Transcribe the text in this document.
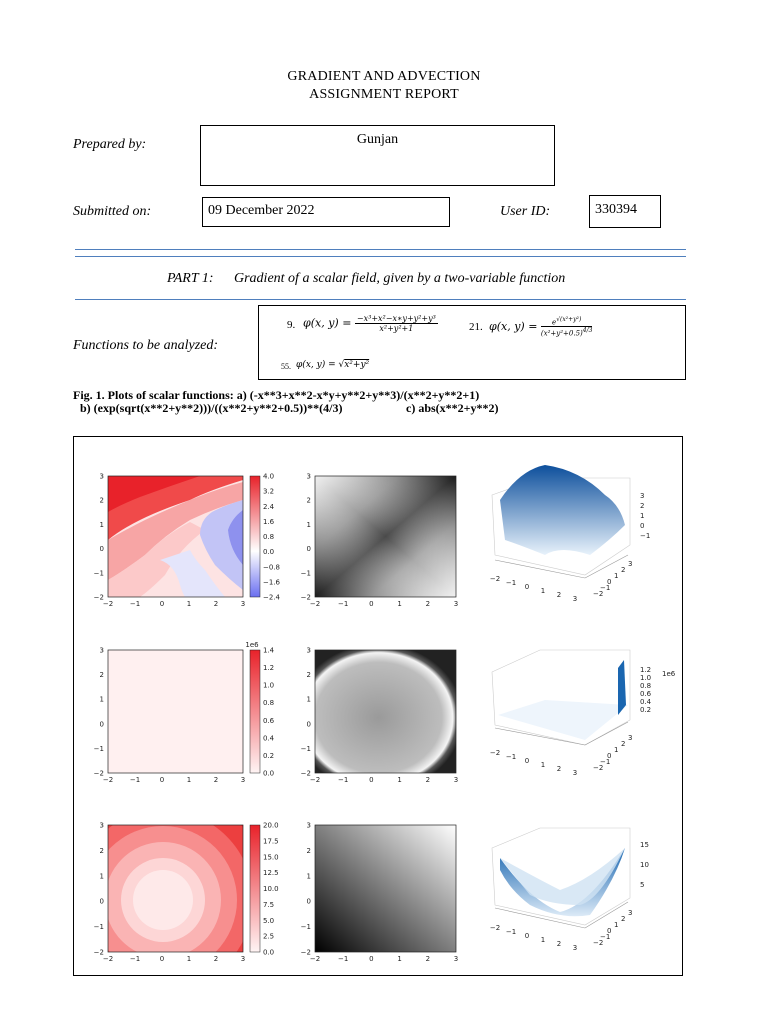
GRADIENT AND ADVECTION
ASSIGNMENT REPORT
Prepared by:	Gunjan
Submitted on:	09 December 2022	User ID:	330394
PART 1: Gradient of a scalar field, given by a two-variable function
Functions to be analyzed:
9. φ(x, $y) = \frac{\text{−x³+x²−x∗y+y²+y³}}{\text{x²+y²+1}}$	21. φ(x, $y) = \frac{e^{√(x^2+y^2)}}{(x^2+y^2+0.5)^{4/3}}$
55. φ(x, y) = √x²+y²
Fig. 1. Plots of scalar functions: a) (-x**3+x**2-x*y+y**2+y**3)/(x**2+y**2+1)
b) (exp(sqrt(x**2+y**2)))/((x**2+y**2+0.5))**(4/3)	c) abs(x**2+y**2)
−2 −1	0	1	2	3
3
2
1
0
−1
−2
−2	−1	0	1	2	3
3
2
1
0
−1
−2
4.0
3.2
2.4
1.6
0.8
0.0
−0.8
−1.6
−2.4
3
2
1
0
−1
−2 −1 0 1 2 3
3
2
1
0
−1
−2
−2 −1	0	1	2	3
3
2
1
0
−1
−2
−2	−1	0	1	2	3
3
2
1
0
−1
−2
1.4
1.2
1.0
0.8
0.6
0.4
0.2
0.0
1e6
1.2
1.0
0.8
0.6
0.4
0.2
1e6
−2 −1 0 1 2 3
3
2
1
0
−1
−2
−2 −1	0	1	2	3
3
2
1
0
−1
−2
−2	−1	0	1	2	3
3
2
1
0
−1
−2
20.0
17.5
15.0
12.5
10.0
7.5
5.0
2.5
0.0
15
10
5
−2 −1 0 1 2 3
3
2
1
0
−1
−2
